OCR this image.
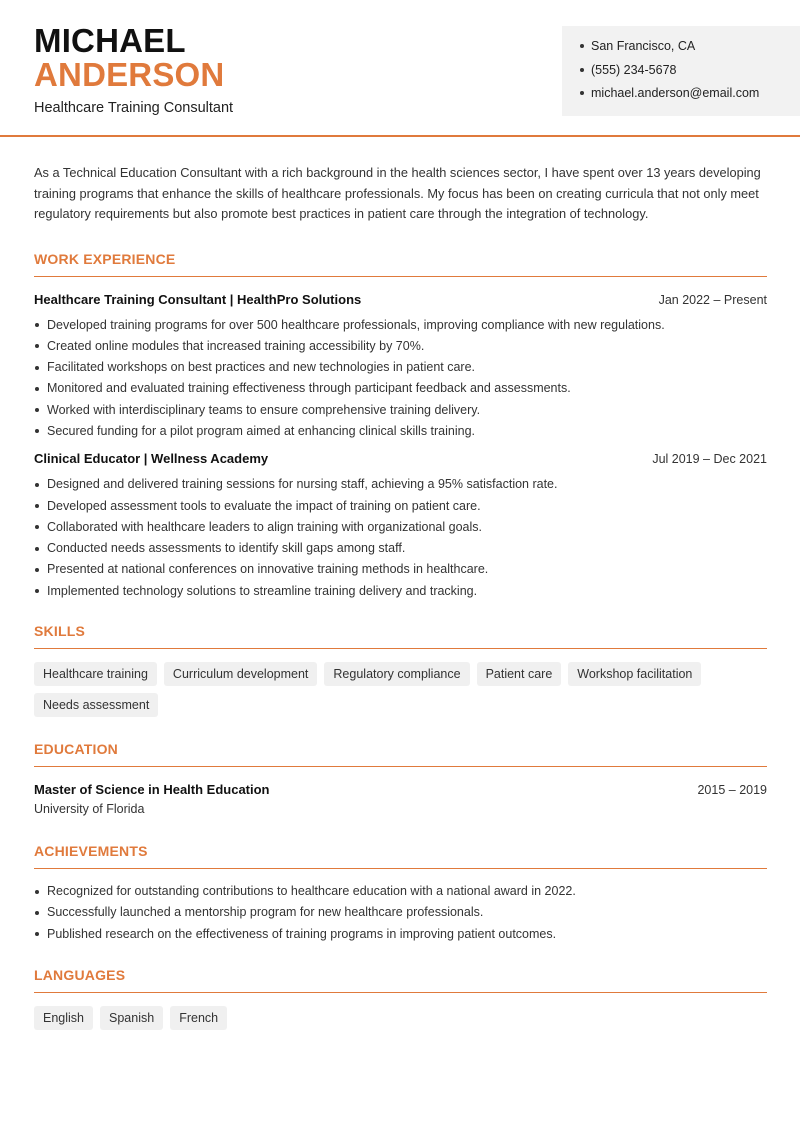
MICHAEL
ANDERSON
Healthcare Training Consultant
San Francisco, CA
(555) 234-5678
michael.anderson@email.com

As a Technical Education Consultant with a rich background in the health sciences sector, I have spent over 13 years developing training programs that enhance the skills of healthcare professionals. My focus has been on creating curricula that not only meet regulatory requirements but also promote best practices in patient care through the integration of technology.

WORK EXPERIENCE
Healthcare Training Consultant | HealthPro Solutions	Jan 2022 – Present
Developed training programs for over 500 healthcare professionals, improving compliance with new regulations.
Created online modules that increased training accessibility by 70%.
Facilitated workshops on best practices and new technologies in patient care.
Monitored and evaluated training effectiveness through participant feedback and assessments.
Worked with interdisciplinary teams to ensure comprehensive training delivery.
Secured funding for a pilot program aimed at enhancing clinical skills training.
Clinical Educator | Wellness Academy	Jul 2019 – Dec 2021
Designed and delivered training sessions for nursing staff, achieving a 95% satisfaction rate.
Developed assessment tools to evaluate the impact of training on patient care.
Collaborated with healthcare leaders to align training with organizational goals.
Conducted needs assessments to identify skill gaps among staff.
Presented at national conferences on innovative training methods in healthcare.
Implemented technology solutions to streamline training delivery and tracking.
SKILLS
Healthcare training	Curriculum development	Regulatory compliance	Patient care	Workshop facilitation
Needs assessment
EDUCATION
Master of Science in Health Education	2015 – 2019
University of Florida
ACHIEVEMENTS
Recognized for outstanding contributions to healthcare education with a national award in 2022.
Successfully launched a mentorship program for new healthcare professionals.
Published research on the effectiveness of training programs in improving patient outcomes.
LANGUAGES
English	Spanish	French
